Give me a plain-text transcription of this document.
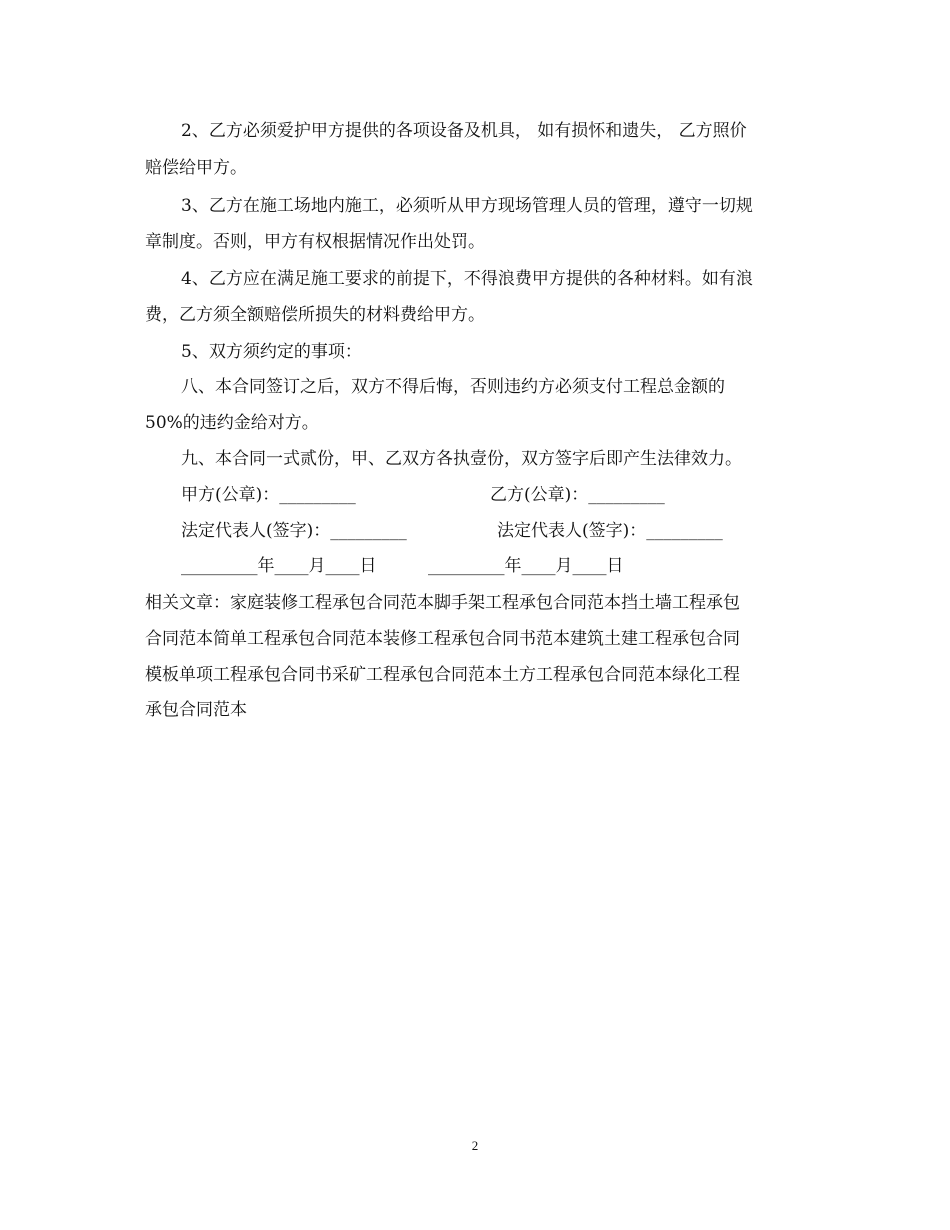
2、乙方必须爱护甲方提供的各项设备及机具， 如有损怀和遗失， 乙方照价
赔偿给甲方。
3、乙方在施工场地内施工，必须听从甲方现场管理人员的管理，遵守一切规
章制度。否则，甲方有权根据情况作出处罚。
4、乙方应在满足施工要求的前提下，不得浪费甲方提供的各种材料。如有浪
费，乙方须全额赔偿所损失的材料费给甲方。
5、双方须约定的事项：
八、本合同签订之后，双方不得后悔，否则违约方必须支付工程总金额的
50%的违约金给对方。
九、本合同一式贰份，甲、乙双方各执壹份，双方签字后即产生法律效力。
甲方(公章)：_________	乙方(公章)：_________
法定代表人(签字)：_________	法定代表人(签字)：_________
_________年____月____日	_________年____月____日
相关文章：家庭装修工程承包合同范本脚手架工程承包合同范本挡土墙工程承包
合同范本简单工程承包合同范本装修工程承包合同书范本建筑土建工程承包合同
模板单项工程承包合同书采矿工程承包合同范本土方工程承包合同范本绿化工程
承包合同范本
2
